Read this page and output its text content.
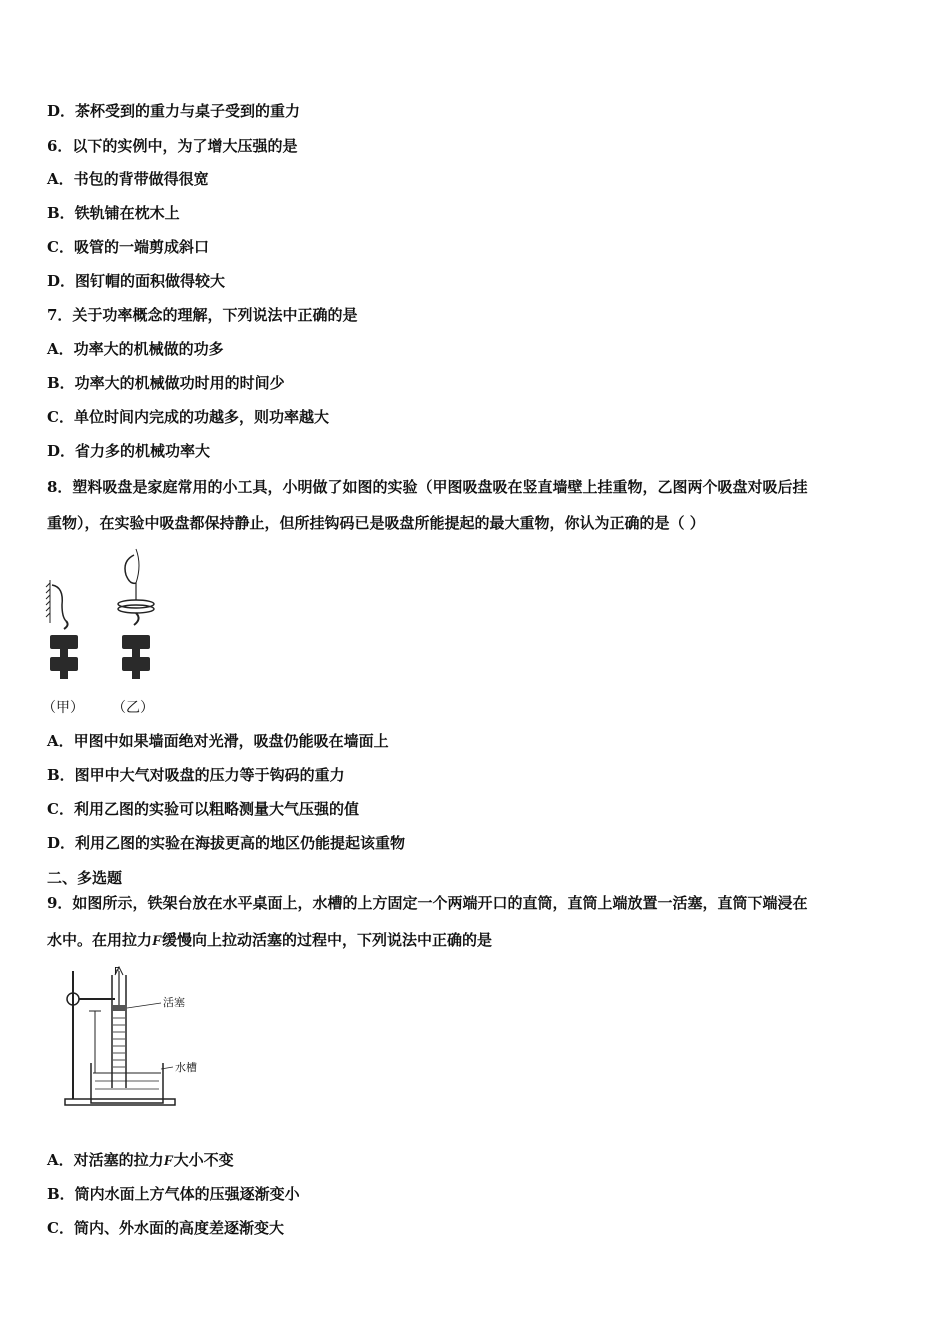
D．茶杯受到的重力与桌子受到的重力
6．以下的实例中，为了增大压强的是
A．书包的背带做得很宽
B．铁轨铺在枕木上
C．吸管的一端剪成斜口
D．图钉帽的面积做得较大
7．关于功率概念的理解，下列说法中正确的是
A．功率大的机械做的功多
B．功率大的机械做功时用的时间少
C．单位时间内完成的功越多，则功率越大
D．省力多的机械功率大
8．塑料吸盘是家庭常用的小工具，小明做了如图的实验（甲图吸盘吸在竖直墙壁上挂重物，乙图两个吸盘对吸后挂
重物），在实验中吸盘都保持静止，但所挂钩码已是吸盘所能提起的最大重物，你认为正确的是（ ）
（甲） （乙）
A．甲图中如果墙面绝对光滑，吸盘仍能吸在墙面上
B．图甲中大气对吸盘的压力等于钩码的重力
C．利用乙图的实验可以粗略测量大气压强的值
D．利用乙图的实验在海拔更高的地区仍能提起该重物
二、多选题
9．如图所示，铁架台放在水平桌面上，水槽的上方固定一个两端开口的直筒，直筒上端放置一活塞，直筒下端浸在
水中。在用拉力F缓慢向上拉动活塞的过程中，下列说法中正确的是
F
活塞
水槽
A．对活塞的拉力F大小不变
B．筒内水面上方气体的压强逐渐变小
C．筒内、外水面的高度差逐渐变大
